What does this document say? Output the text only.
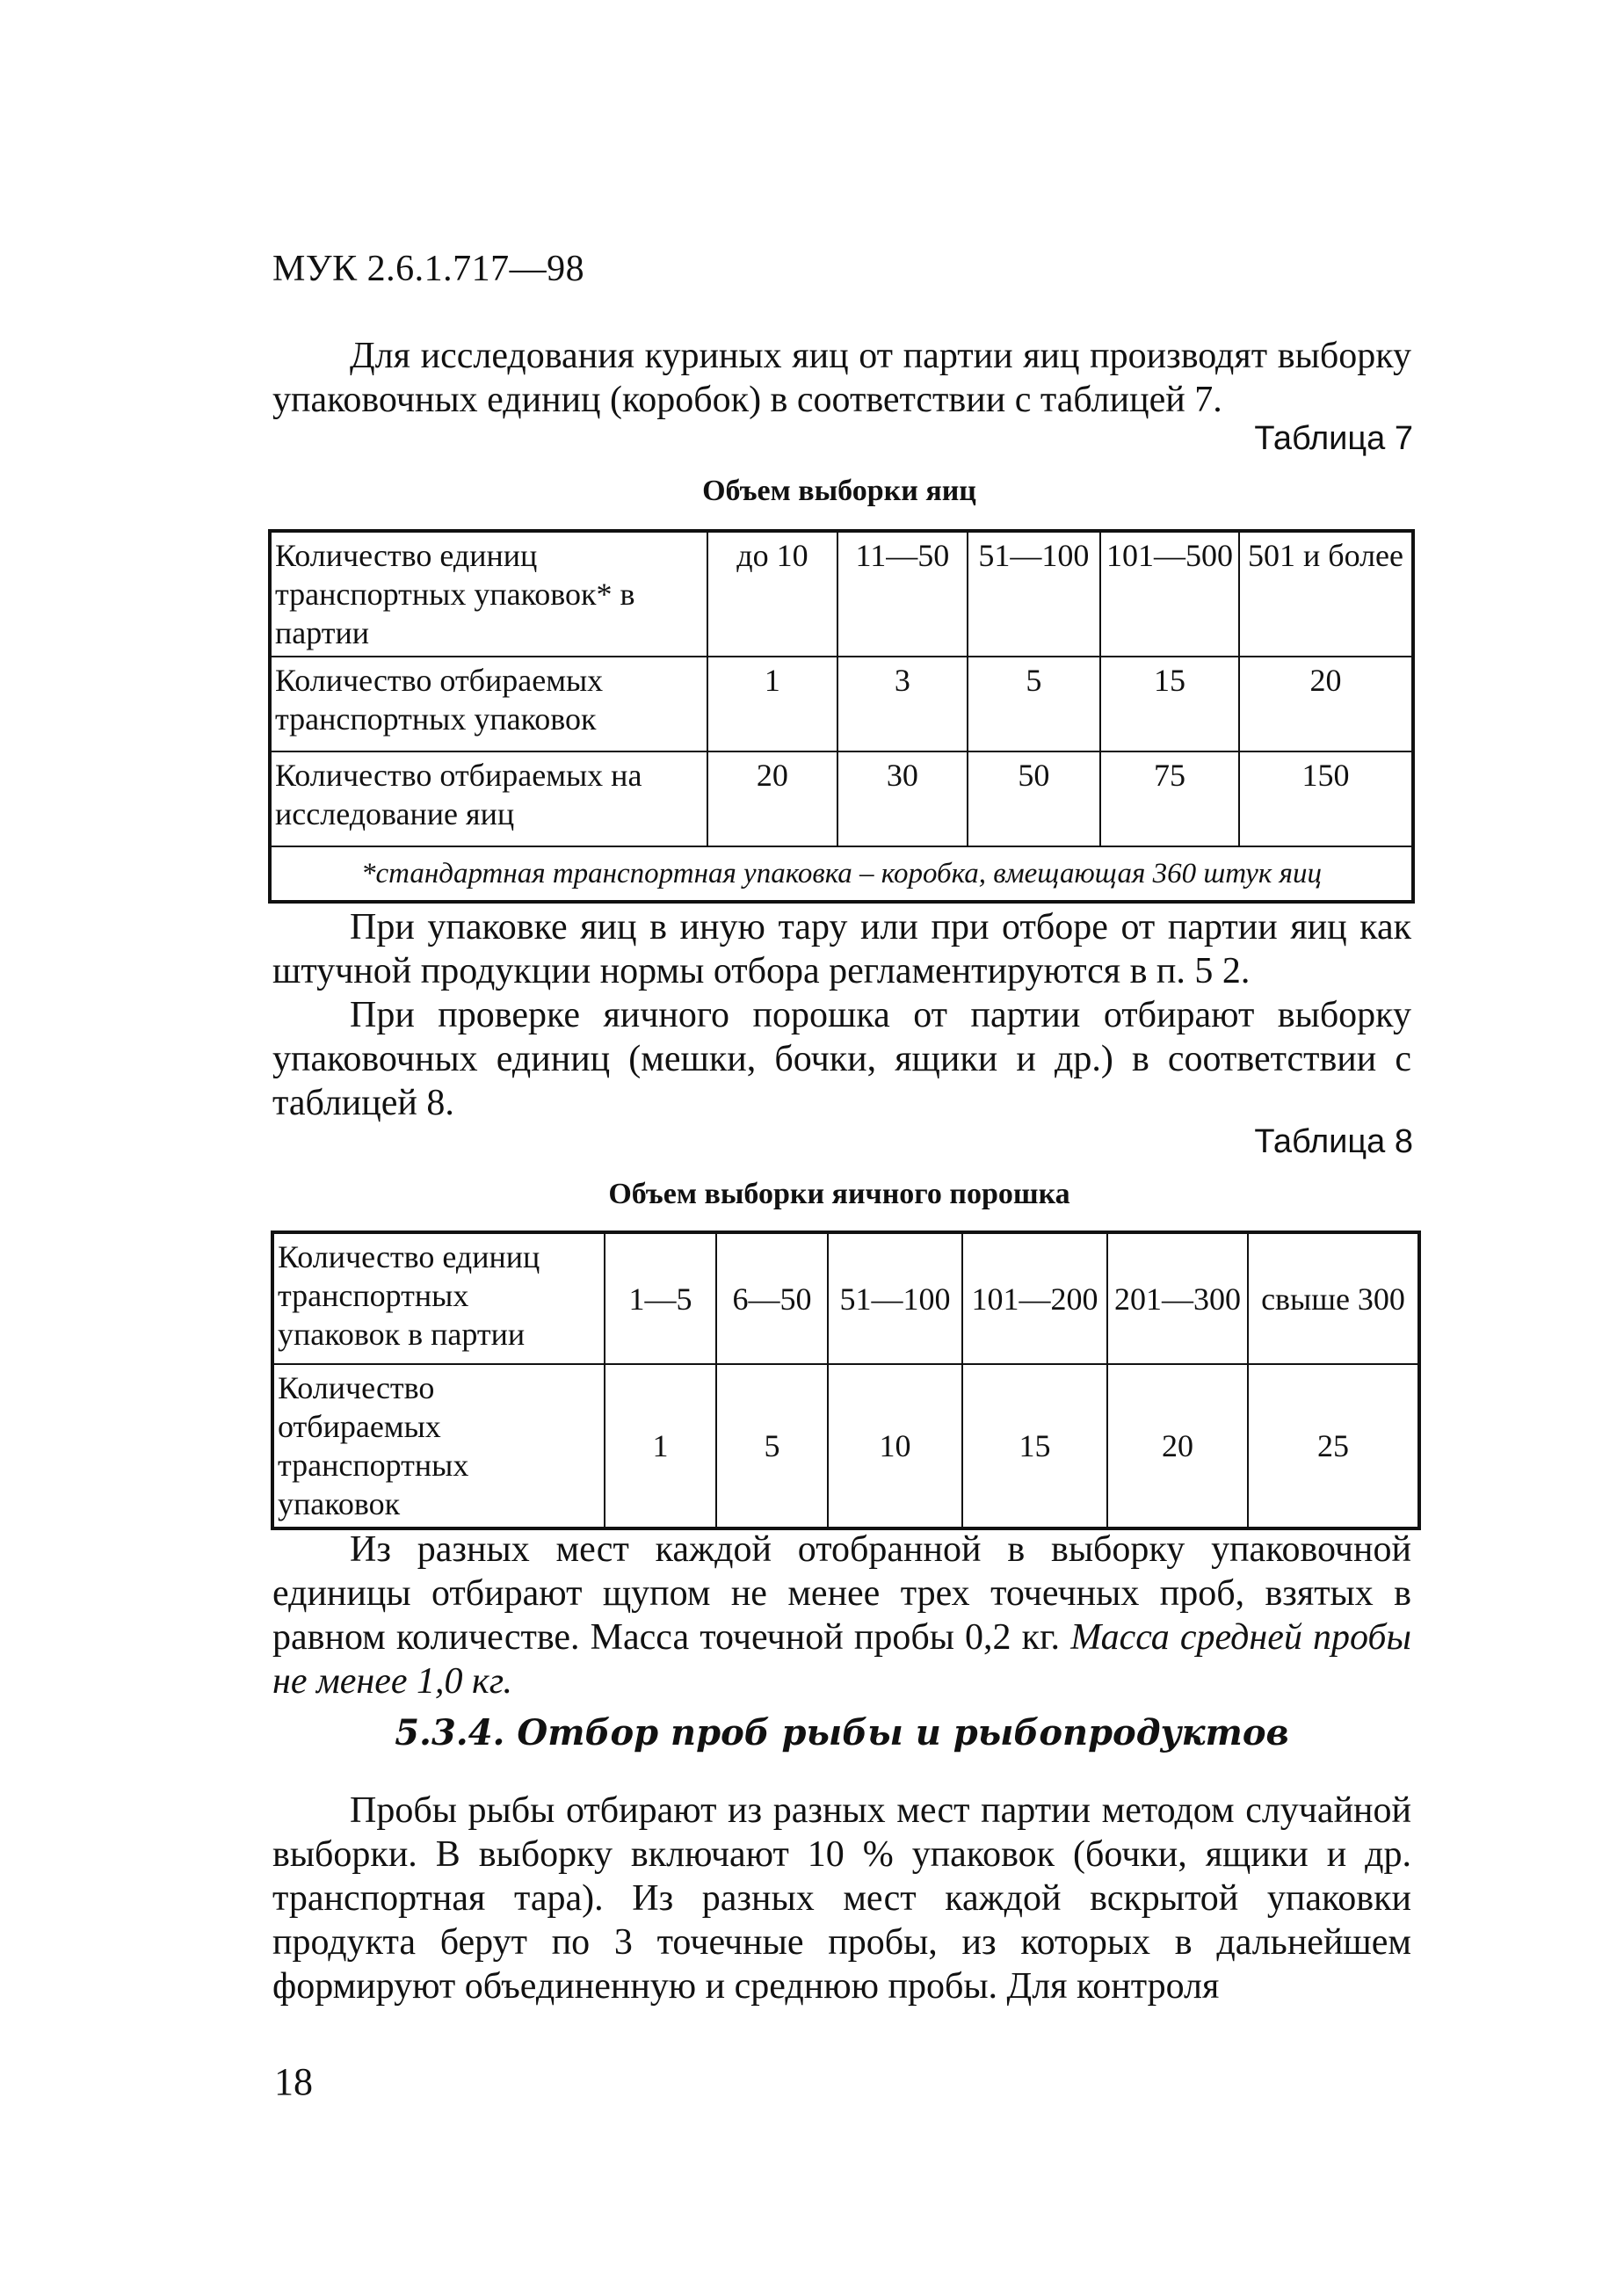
МУК 2.6.1.717—98
Для исследования куриных яиц от партии яиц производят выборку упаковочных единиц (коробок) в соответствии с таблицей 7.
Таблица 7
Объем выборки яиц
Количество единиц транспортных упаковок* в партии	до 10	11—50	51—100	101—500	501 и более
Количество отбираемых транспортных упаковок	1	3	5	15	20
Количество отбираемых на исследование яиц	20	30	50	75	150
*стандартная транспортная упаковка – коробка, вмещающая 360 штук яиц					
При упаковке яиц в иную тару или при отборе от партии яиц как штучной продукции нормы отбора регламентируются в п. 5 2.
При проверке яичного порошка от партии отбирают выборку упаковочных единиц (мешки, бочки, ящики и др.) в соответствии с таблицей 8.
Таблица 8
Объем выборки яичного порошка
Количество единиц транспортных упаковок в партии	1—5	6—50	51—100	101—200	201—300	свыше 300
Количество отбираемых транспортных упаковок	1	5	10	15	20	25
Из разных мест каждой отобранной в выборку упаковочной единицы отбирают щупом не менее трех точечных проб, взятых в равном количестве. Масса точечной пробы 0,2 кг. Масса средней пробы не менее 1,0 кг.
5.3.4. Отбор проб рыбы и рыбопродуктов
Пробы рыбы отбирают из разных мест партии методом случайной выборки. В выборку включают 10 % упаковок (бочки, ящики и др. транспортная тара). Из разных мест каждой вскрытой упаковки продукта берут по 3 точечные пробы, из которых в дальнейшем формируют объединенную и среднюю пробы. Для контроля
18
